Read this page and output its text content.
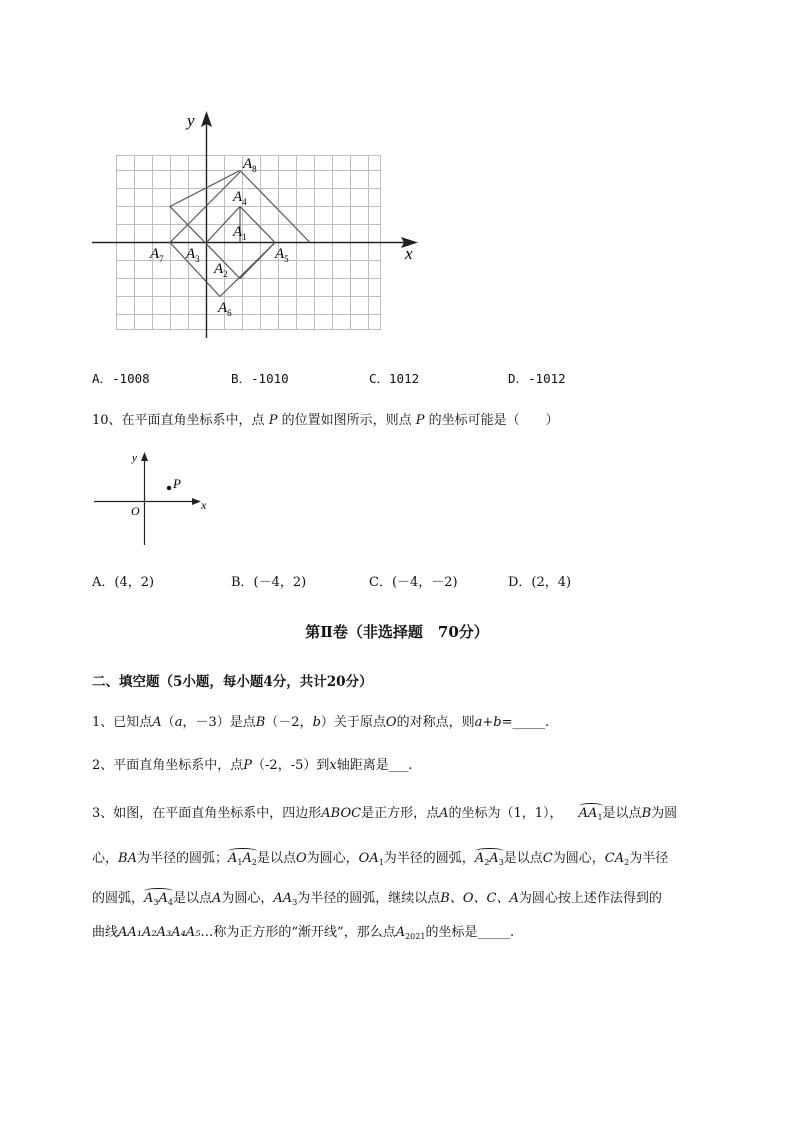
y
x
$A_8$
$A_4$
$A_1$
$A_7$ $A_3$
$A_2$
$A_5$
$A_6$
A．-1008	B．-1010	C．1012	D．-1012
10、在平面直角坐标系中，点 P 的位置如图所示，则点 P 的坐标可能是（　　）
y
x
O
P
A．(4，2)	B．(－4，2)	C．(－4，－2)	D．(2，4)
第Ⅱ卷（非选择题　70分）
二、填空题（5小题，每小题4分，共计20分）
1、已知点A（a，－3）是点B（－2，b）关于原点O的对称点，则a+b=_____.
2、平面直角坐标系中，点P（-2，-5）到x轴距离是___.
3、如图，在平面直角坐标系中，四边形ABOC是正方形，点A的坐标为（1，1）， $AA_1$是以点B为圆
心，BA为半径的圆弧；$A_1A_2$是以点O为圆心，$OA_1$为半径的圆弧，$A_2A_3$是以点C为圆心，$CA_2$为半径
的圆弧，$A_3A_4$是以点A为圆心，$AA_3$为半径的圆弧，继续以点B、O、C、A为圆心按上述作法得到的
曲线AA₁A₂A₃A₄A₅…称为正方形的“渐开线”，那么点$A_{2021}$的坐标是_____.
